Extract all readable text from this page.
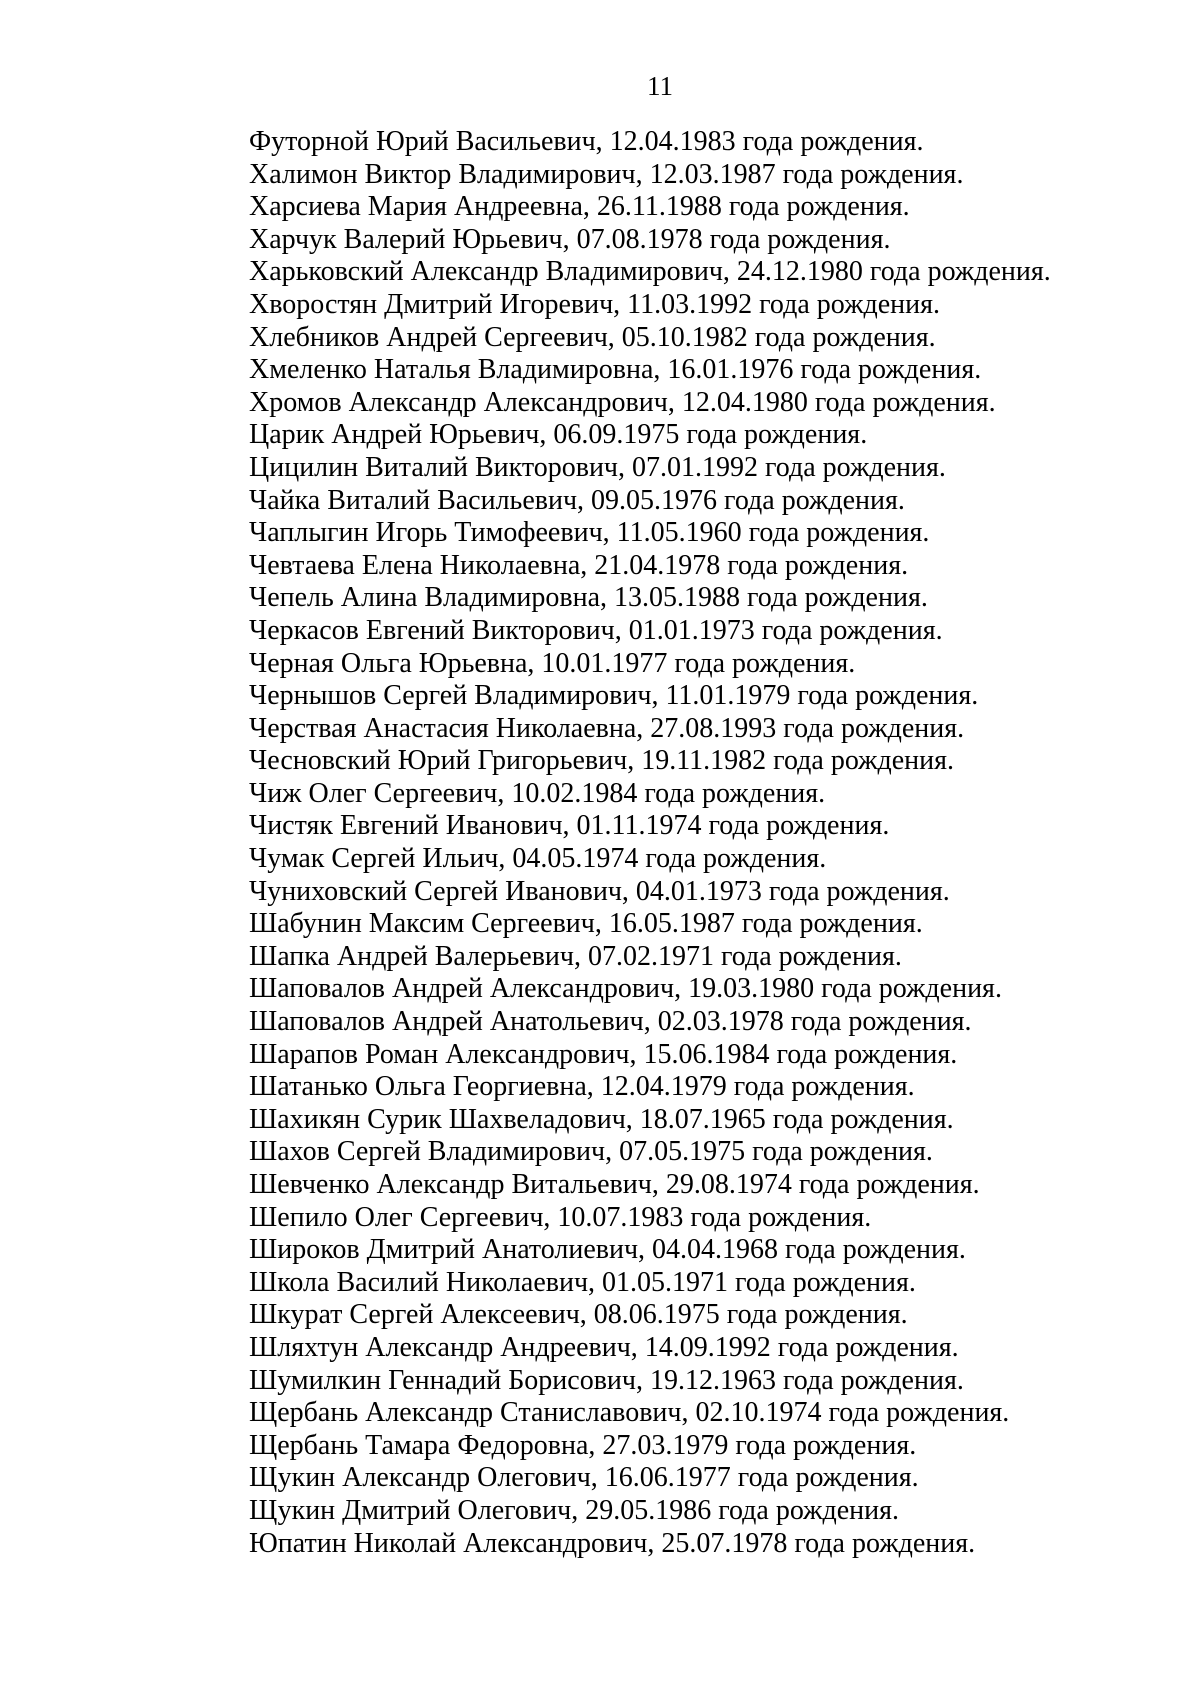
11
Футорной Юрий Васильевич, 12.04.1983 года рождения.
Халимон Виктор Владимирович, 12.03.1987 года рождения.
Харсиева Мария Андреевна, 26.11.1988 года рождения.
Харчук Валерий Юрьевич, 07.08.1978 года рождения.
Харьковский Александр Владимирович, 24.12.1980 года рождения.
Хворостян Дмитрий Игоревич, 11.03.1992 года рождения.
Хлебников Андрей Сергеевич, 05.10.1982 года рождения.
Хмеленко Наталья Владимировна, 16.01.1976 года рождения.
Хромов Александр Александрович, 12.04.1980 года рождения.
Царик Андрей Юрьевич, 06.09.1975 года рождения.
Цицилин Виталий Викторович, 07.01.1992 года рождения.
Чайка Виталий Васильевич, 09.05.1976 года рождения.
Чаплыгин Игорь Тимофеевич, 11.05.1960 года рождения.
Чевтаева Елена Николаевна, 21.04.1978 года рождения.
Чепель Алина Владимировна, 13.05.1988 года рождения.
Черкасов Евгений Викторович, 01.01.1973 года рождения.
Черная Ольга Юрьевна, 10.01.1977 года рождения.
Чернышов Сергей Владимирович, 11.01.1979 года рождения.
Черствая Анастасия Николаевна, 27.08.1993 года рождения.
Чесновский Юрий Григорьевич, 19.11.1982 года рождения.
Чиж Олег Сергеевич, 10.02.1984 года рождения.
Чистяк Евгений Иванович, 01.11.1974 года рождения.
Чумак Сергей Ильич, 04.05.1974 года рождения.
Чуниховский Сергей Иванович, 04.01.1973 года рождения.
Шабунин Максим Сергеевич, 16.05.1987 года рождения.
Шапка Андрей Валерьевич, 07.02.1971 года рождения.
Шаповалов Андрей Александрович, 19.03.1980 года рождения.
Шаповалов Андрей Анатольевич, 02.03.1978 года рождения.
Шарапов Роман Александрович, 15.06.1984 года рождения.
Шатанько Ольга Георгиевна, 12.04.1979 года рождения.
Шахикян Сурик Шахвеладович, 18.07.1965 года рождения.
Шахов Сергей Владимирович, 07.05.1975 года рождения.
Шевченко Александр Витальевич, 29.08.1974 года рождения.
Шепило Олег Сергеевич, 10.07.1983 года рождения.
Широков Дмитрий Анатолиевич, 04.04.1968 года рождения.
Школа Василий Николаевич, 01.05.1971 года рождения.
Шкурат Сергей Алексеевич, 08.06.1975 года рождения.
Шляхтун Александр Андреевич, 14.09.1992 года рождения.
Шумилкин Геннадий Борисович, 19.12.1963 года рождения.
Щербань Александр Станиславович, 02.10.1974 года рождения.
Щербань Тамара Федоровна, 27.03.1979 года рождения.
Щукин Александр Олегович, 16.06.1977 года рождения.
Щукин Дмитрий Олегович, 29.05.1986 года рождения.
Юпатин Николай Александрович, 25.07.1978 года рождения.
